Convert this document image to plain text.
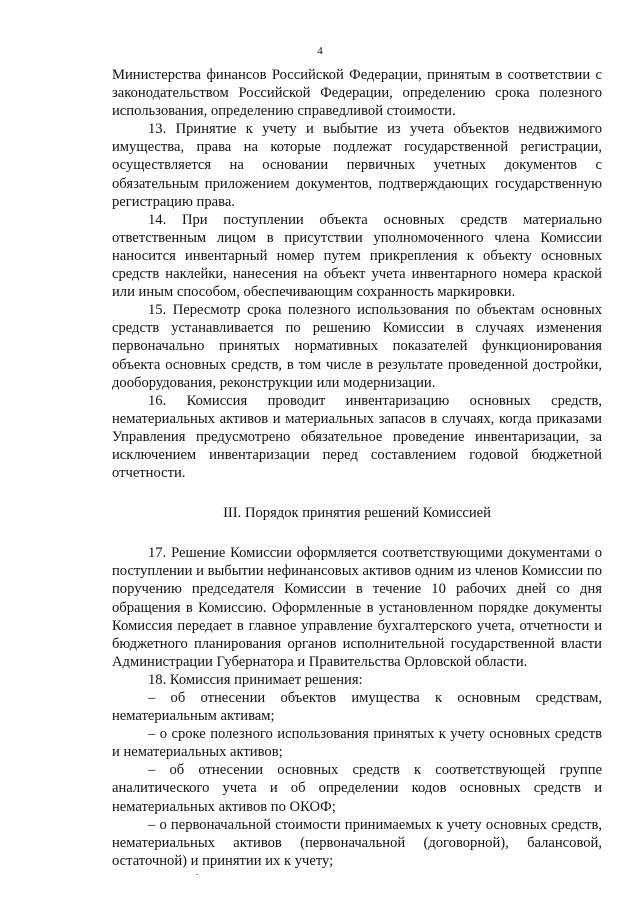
4

Министерства финансов Российской Федерации, принятым в соответствии с законодательством Российской Федерации, определению срока полезного использования, определению справедливой стоимости.

13. Принятие к учету и выбытие из учета объектов недвижимого имущества, права на которые подлежат государственной регистрации, осуществляется на основании первичных учетных документов с обязательным приложением документов, подтверждающих государственную регистрацию права.

14. При поступлении объекта основных средств материально ответственным лицом в присутствии уполномоченного члена Комиссии наносится инвентарный номер путем прикрепления к объекту основных средств наклейки, нанесения на объект учета инвентарного номера краской или иным способом, обеспечивающим сохранность маркировки.

15. Пересмотр срока полезного использования по объектам основных средств устанавливается по решению Комиссии в случаях изменения первоначально принятых нормативных показателей функционирования объекта основных средств, в том числе в результате проведенной достройки, дооборудования, реконструкции или модернизации.

16. Комиссия проводит инвентаризацию основных средств, нематериальных активов и материальных запасов в случаях, когда приказами Управления предусмотрено обязательное проведение инвентаризации, за исключением инвентаризации перед составлением годовой бюджетной отчетности.

III. Порядок принятия решений Комиссией

17. Решение Комиссии оформляется соответствующими документами о поступлении и выбытии нефинансовых активов одним из членов Комиссии по поручению председателя Комиссии в течение 10 рабочих дней со дня обращения в Комиссию. Оформленные в установленном порядке документы Комиссия передает в главное управление бухгалтерского учета, отчетности и бюджетного планирования органов исполнительной государственной власти Администрации Губернатора и Правительства Орловской области.

18. Комиссия принимает решения:

– об отнесении объектов имущества к основным средствам, нематериальным активам;

– о сроке полезного использования принятых к учету основных средств и нематериальных активов;

– об отнесении основных средств к соответствующей группе аналитического учета и об определении кодов основных средств и нематериальных активов по ОКОФ;

– о первоначальной стоимости принимаемых к учету основных средств, нематериальных активов (первоначальной (договорной), балансовой, остаточной) и принятии их к учету;
